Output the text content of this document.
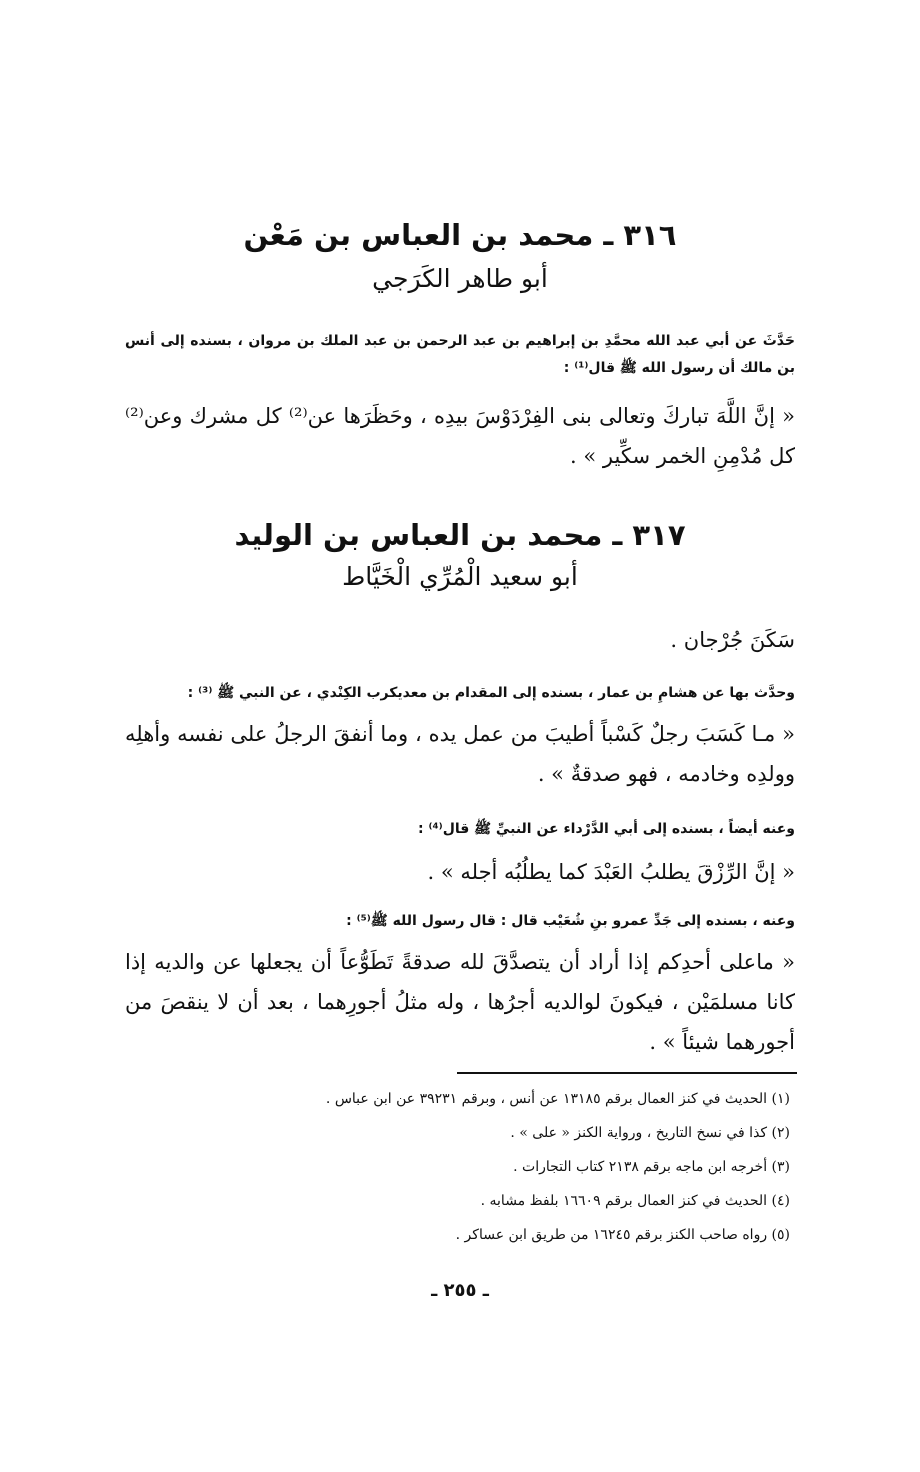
٣١٦ ـ محمد بن العباس بن مَعْن
أبو طاهر الكَرَجي
حَدَّثَ عن أبي عبد الله محمَّدِ بن إبراهيم بن عبد الرحمن بن عبد الملك بن مروان ، بسنده إلى أنس بن مالك أن رسول الله ﷺ قال⁽¹⁾ :
« إنَّ اللَّهَ تباركَ وتعالى بنى الفِرْدَوْسَ بيدِه ، وحَظَرَها عن⁽²⁾ كل مشرك وعن⁽²⁾ كل مُدْمِنِ الخمر سكِّير » .
٣١٧ ـ محمد بن العباس بن الوليد
أبو سعيد الْمُرِّي الْخَيَّاط
سَكَنَ جُرْجان .
وحدَّث بها عن هشامِ بن عمار ، بسنده إلى المقدام بن معديكرب الكِنْدي ، عن النبي ﷺ ⁽³⁾ :
« مـا كَسَبَ رجلٌ كَسْباً أطيبَ من عمل يده ، وما أنفقَ الرجلُ على نفسه وأهلِه وولدِه وخادمه ، فهو صدقةٌ » .
وعنه أيضاً ، بسنده إلى أبي الدَّرْداء عن النبيِّ ﷺ قال⁽⁴⁾ :
« إنَّ الرِّزْقَ يطلبُ العَبْدَ كما يطلُبُه أجله » .
وعنه ، بسنده إلى جَدِّ عمرو بنِ شُعَيْب قال : قال رسول الله ﷺ⁽⁵⁾ :
« ماعلى أحدِكم إذا أراد أن يتصدَّقَ لله صدقةً تَطَوُّعاً أن يجعلها عن والديه إذا كانا مسلمَيْن ، فيكونَ لوالديه أجرُها ، وله مثلُ أجورِهما ، بعد أن لا ينقصَ من أجورهما شيئاً » .
(١) الحديث في كنز العمال برقم ١٣١٨٥ عن أنس ، وبرقم ٣٩٢٣١ عن ابن عباس .
(٢) كذا في نسخ التاريخ ، ورواية الكنز « على » .
(٣) أخرجه ابن ماجه برقم ٢١٣٨ كتاب التجارات .
(٤) الحديث في كنز العمال برقم ١٦٦٠٩ بلفظ مشابه .
(٥) رواه صاحب الكنز برقم ١٦٢٤٥ من طريق ابن عساكر .
ـ ٢٥٥ ـ
